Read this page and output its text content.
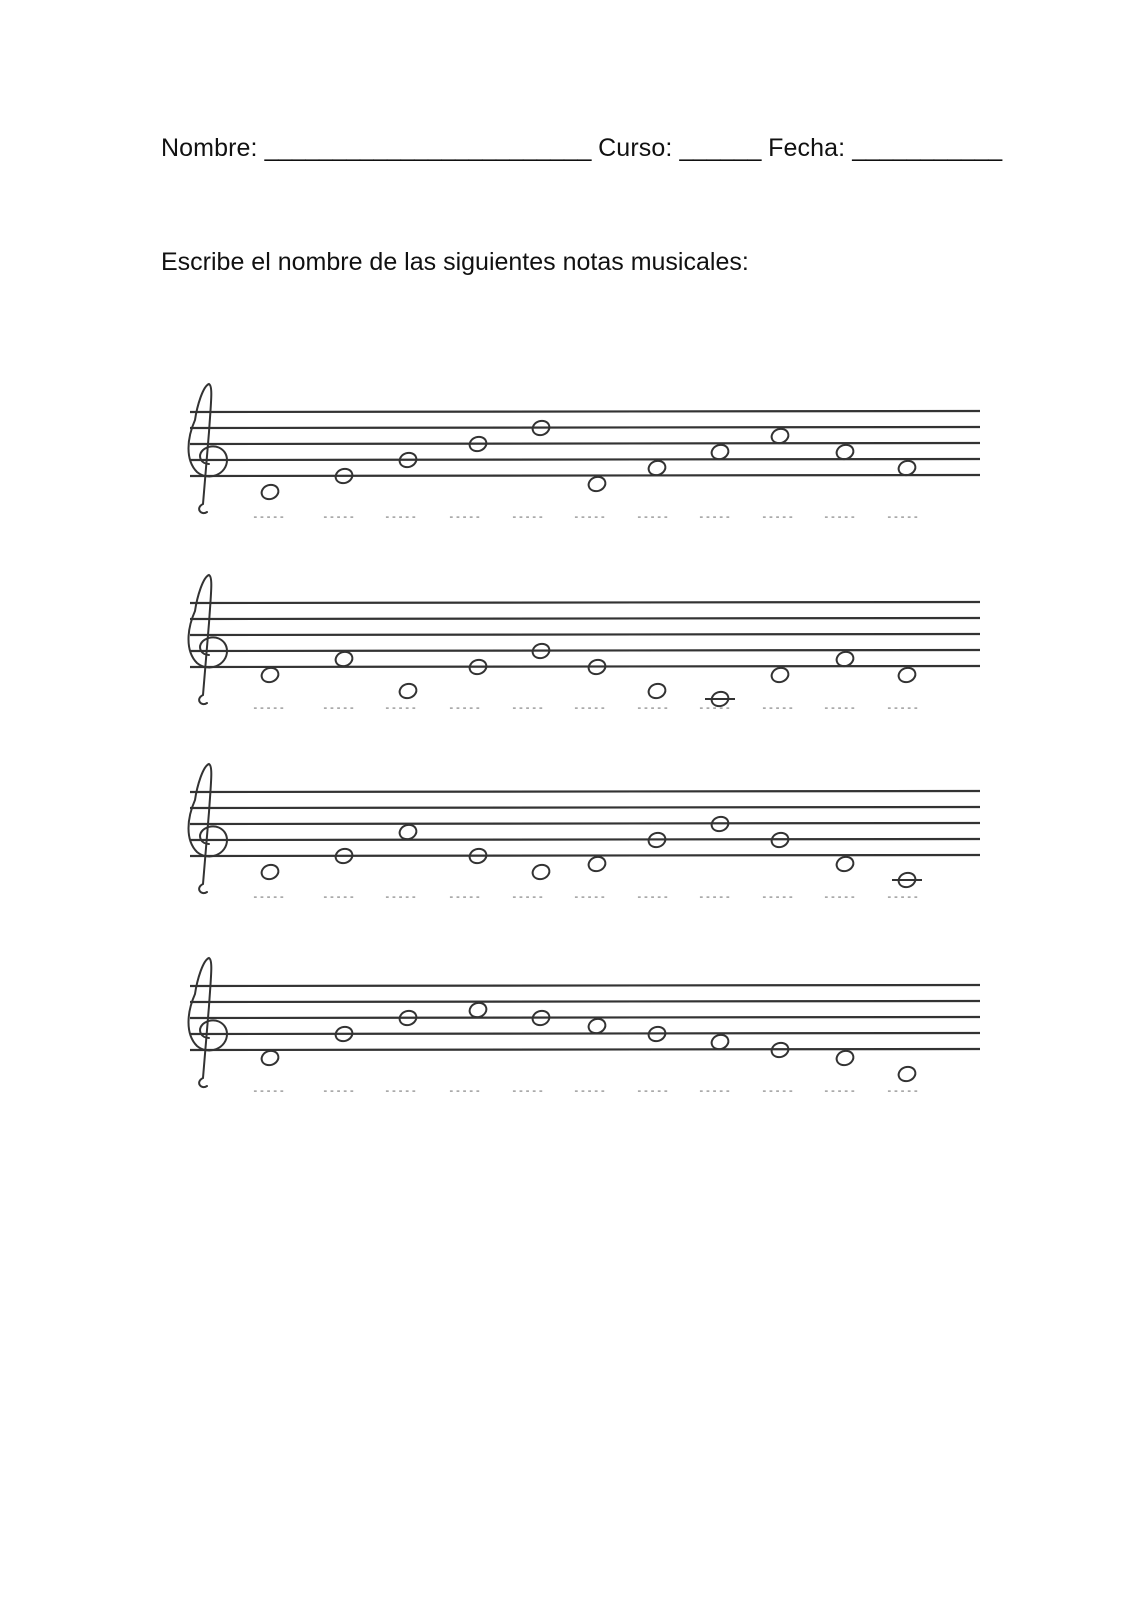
Nombre: ________________________ Curso: ______ Fecha: ___________
Escribe el nombre de las siguientes notas musicales:
-----	-----	-----	-----	-----	-----	-----	-----	-----	-----	-----
-----	-----	-----	-----	-----	-----	-----	-----	-----	-----	-----
-----	-----	-----	-----	-----	-----	-----	-----	-----	-----	-----
-----	-----	-----	-----	-----	-----	-----	-----	-----	-----	-----
